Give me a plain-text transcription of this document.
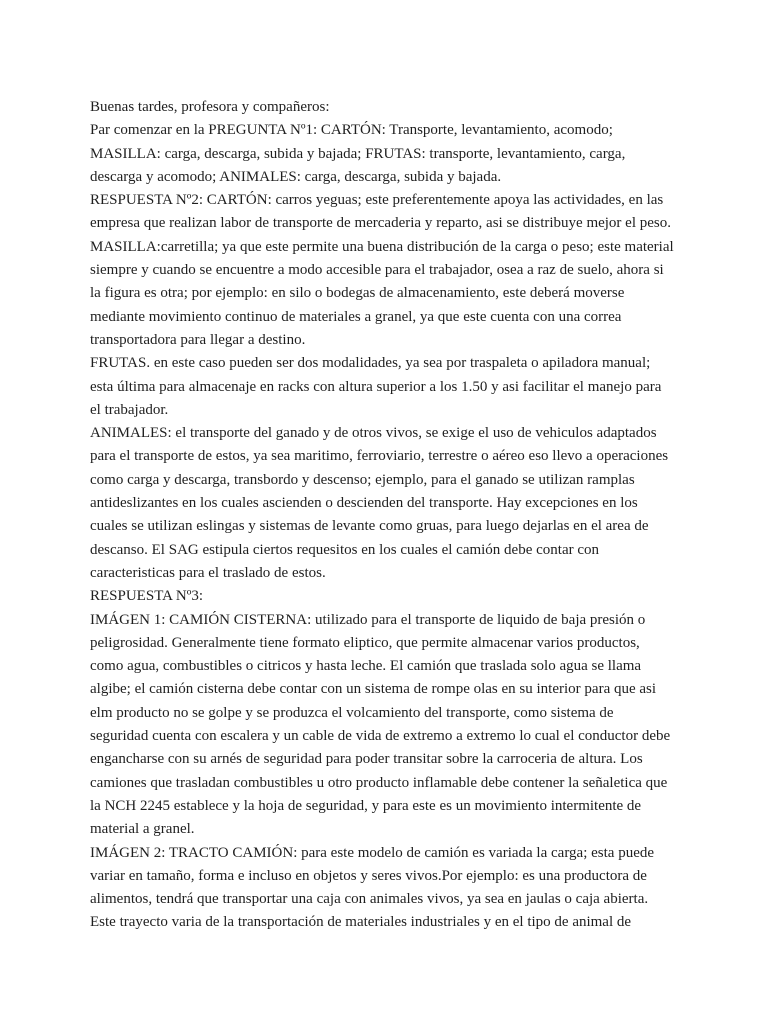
Buenas tardes, profesora y compañeros:
Par comenzar en la PREGUNTA Nº1: CARTÓN: Transporte, levantamiento, acomodo;
MASILLA: carga, descarga, subida y bajada; FRUTAS: transporte, levantamiento, carga,
descarga y acomodo; ANIMALES: carga, descarga, subida y bajada.
RESPUESTA Nº2: CARTÓN: carros yeguas; este preferentemente apoya las actividades, en las
empresa que realizan labor de transporte de mercaderia y reparto, asi se distribuye mejor el peso.
MASILLA:carretilla; ya que este permite una buena distribución de la carga o peso; este material
siempre y cuando se encuentre a modo accesible para el trabajador, osea a raz de suelo, ahora si
la figura es otra; por ejemplo: en silo o bodegas de almacenamiento, este deberá moverse
mediante movimiento continuo de materiales a granel, ya que este cuenta con una correa
transportadora para llegar a destino.
FRUTAS. en este caso pueden ser dos modalidades, ya sea por traspaleta o apiladora manual;
esta última para almacenaje en racks con altura superior a los 1.50 y asi facilitar el manejo para
el trabajador.
ANIMALES: el transporte del ganado y de otros vivos, se exige el uso de vehiculos adaptados
para el transporte de estos, ya sea maritimo, ferroviario, terrestre o aéreo eso llevo a operaciones
como carga y descarga, transbordo y descenso; ejemplo, para el ganado se utilizan ramplas
antideslizantes en los cuales ascienden o descienden del transporte. Hay excepciones en los
cuales se utilizan eslingas y sistemas de levante como gruas, para luego dejarlas en el area de
descanso. El SAG estipula ciertos requesitos en los cuales el camión debe contar con
caracteristicas para el traslado de estos.
RESPUESTA Nº3:
IMÁGEN 1: CAMIÓN CISTERNA: utilizado para el transporte de liquido de baja presión o
peligrosidad. Generalmente tiene formato eliptico, que permite almacenar varios productos,
como agua, combustibles o citricos y hasta leche. El camión que traslada solo agua se llama
algibe; el camión cisterna debe contar con un sistema de rompe olas en su interior para que asi
elm producto no se golpe y se produzca el volcamiento del transporte, como sistema de
seguridad cuenta con escalera y un cable de vida de extremo a extremo lo cual el conductor debe
engancharse con su arnés de seguridad para poder transitar sobre la carroceria de altura. Los
camiones que trasladan combustibles u otro producto inflamable debe contener la señaletica que
la NCH 2245 establece y la hoja de seguridad, y para este es un movimiento intermitente de
material a granel.
IMÁGEN 2: TRACTO CAMIÓN: para este modelo de camión es variada la carga; esta puede
variar en tamaño, forma e incluso en objetos y seres vivos.Por ejemplo: es una productora de
alimentos, tendrá que transportar una caja con animales vivos, ya sea en jaulas o caja abierta.
Este trayecto varia de la transportación de materiales industriales y en el tipo de animal de
